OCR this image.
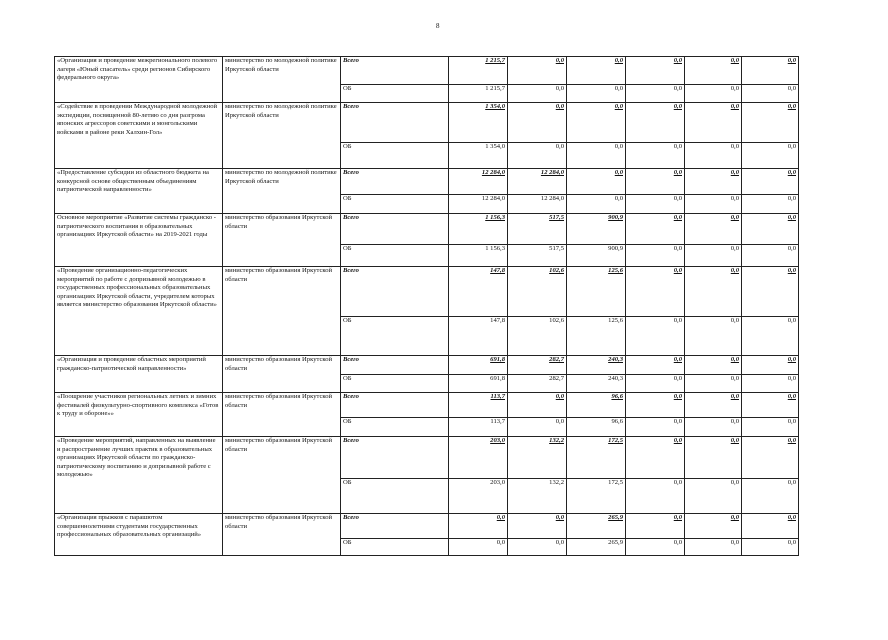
8
«Организация и проведение межрегионального полевого лагеря «Юный спасатель» среди регионов Сибирского федерального округа»	министерство по молодежной политике Иркутской области	Всего	1 215,7	0,0	0,0	0,0	0,0	0,0
		ОБ	1 215,7	0,0	0,0	0,0	0,0	0,0
«Содействие в проведении Международной молодежной экспедиции, посвященной 80-летию со дня разгрома японских агрессоров советскими и монгольскими войсками в районе реки Халхин-Гол»	министерство по молодежной политике Иркутской области	Всего	1 354,0	0,0	0,0	0,0	0,0	0,0
		ОБ	1 354,0	0,0	0,0	0,0	0,0	0,0
«Предоставление субсидии из областного бюджета на конкурсной основе общественным объединениям патриотической направленности»	министерство по молодежной политике Иркутской области	Всего	12 284,0	12 284,0	0,0	0,0	0,0	0,0
		ОБ	12 284,0	12 284,0	0,0	0,0	0,0	0,0
Основное мероприятие «Развитие системы гражданско - патриотического воспитания в образовательных организациях Иркутской области» на 2019-2021 годы	министерство образования Иркутской области	Всего	1 156,3	517,5	900,9	0,0	0,0	0,0
		ОБ	1 156,3	517,5	900,9	0,0	0,0	0,0
«Проведение организационно-педагогических мероприятий по работе с допризывной молодежью в государственных профессиональных образовательных организациях Иркутской области, учредителем которых является министерство образования Иркутской области»	министерство образования Иркутской области	Всего	147,8	102,6	125,6	0,0	0,0	0,0
		ОБ	147,8	102,6	125,6	0,0	0,0	0,0
«Организация и проведение областных мероприятий гражданско-патриотической направленности»	министерство образования Иркутской области	Всего	691,8	282,7	240,3	0,0	0,0	0,0
		ОБ	691,8	282,7	240,3	0,0	0,0	0,0
«Поощрение участников региональных летних и зимних фестивалей физкультурно-спортивного комплекса «Готов к труду и обороне»»	министерство образования Иркутской области	Всего	113,7	0,0	96,6	0,0	0,0	0,0
		ОБ	113,7	0,0	96,6	0,0	0,0	0,0
«Проведение мероприятий, направленных на выявление и распространение лучших практик в образовательных организациях Иркутской области по гражданско-патриотическому воспитанию и допризывной работе с молодежью»	министерство образования Иркутской области	Всего	203,0	132,2	172,5	0,0	0,0	0,0
		ОБ	203,0	132,2	172,5	0,0	0,0	0,0
«Организация прыжков с парашютом совершеннолетними студентами государственных профессиональных образовательных организаций»	министерство образования Иркутской области	Всего	0,0	0,0	265,9	0,0	0,0	0,0
		ОБ	0,0	0,0	265,9	0,0	0,0	0,0
